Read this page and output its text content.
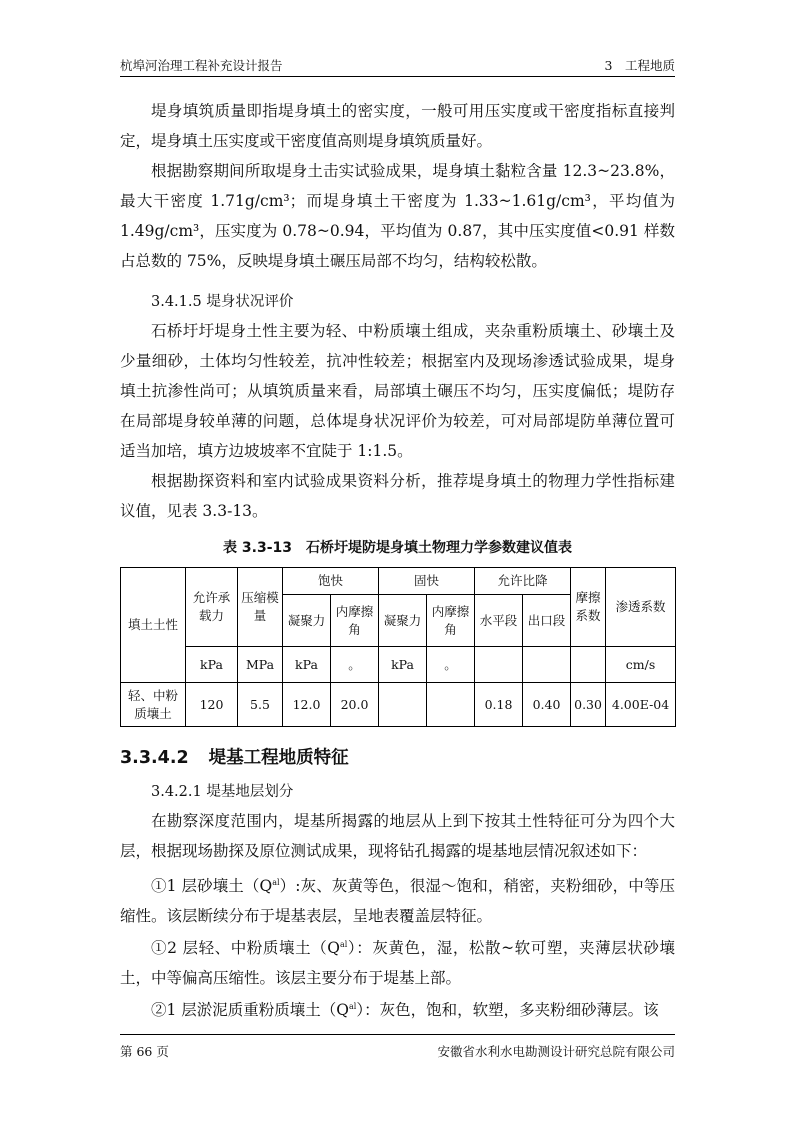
杭埠河治理工程补充设计报告	3　工程地质

堤身填筑质量即指堤身填土的密实度，一般可用压实度或干密度指标直接判定，堤身填土压实度或干密度值高则堤身填筑质量好。

根据勘察期间所取堤身土击实试验成果，堤身填土黏粒含量 12.3~23.8%，最大干密度 1.71g/cm³；而堤身填土干密度为 1.33~1.61g/cm³，平均值为 1.49g/cm³，压实度为 0.78~0.94，平均值为 0.87，其中压实度值<0.91 样数占总数的 75%，反映堤身填土碾压局部不均匀，结构较松散。

3.4.1.5 堤身状况评价

石桥圩圩堤身土性主要为轻、中粉质壤土组成，夹杂重粉质壤土、砂壤土及少量细砂，土体均匀性较差，抗冲性较差；根据室内及现场渗透试验成果，堤身填土抗渗性尚可；从填筑质量来看，局部填土碾压不均匀，压实度偏低；堤防存在局部堤身较单薄的问题，总体堤身状况评价为较差，可对局部堤防单薄位置可适当加培，填方边坡坡率不宜陡于 1:1.5。

根据勘探资料和室内试验成果资料分析，推荐堤身填土的物理力学性指标建议值，见表 3.3-13。

表 3.3-13　石桥圩堤防堤身填土物理力学参数建议值表
填土土性	允许承载力	压缩模量	饱快		固快		允许比降		摩擦系数	渗透系数
			凝聚力	内摩擦角	凝聚力	内摩擦角	水平段	出口段		
	kPa	MPa	kPa	。	kPa	。				cm/s
轻、中粉质壤土	120	5.5	12.0	20.0			0.18	0.40	0.30	4.00E-04
3.3.4.2 堤基工程地质特征

3.4.2.1 堤基地层划分

在勘察深度范围内，堤基所揭露的地层从上到下按其土性特征可分为四个大层，根据现场勘探及原位测试成果，现将钻孔揭露的堤基地层情况叙述如下：

①1 层砂壤土$(Q^{al})$:灰、灰黄等色，很湿～饱和，稍密，夹粉细砂，中等压缩性。该层断续分布于堤基表层，呈地表覆盖层特征。

①2 层轻、中粉质壤土$(Q^{al})$：灰黄色，湿，松散~软可塑，夹薄层状砂壤土，中等偏高压缩性。该层主要分布于堤基上部。

②1 层淤泥质重粉质壤土$(Q^{al})$：灰色，饱和，软塑，多夹粉细砂薄层。该

第 66 页	安徽省水利水电勘测设计研究总院有限公司
